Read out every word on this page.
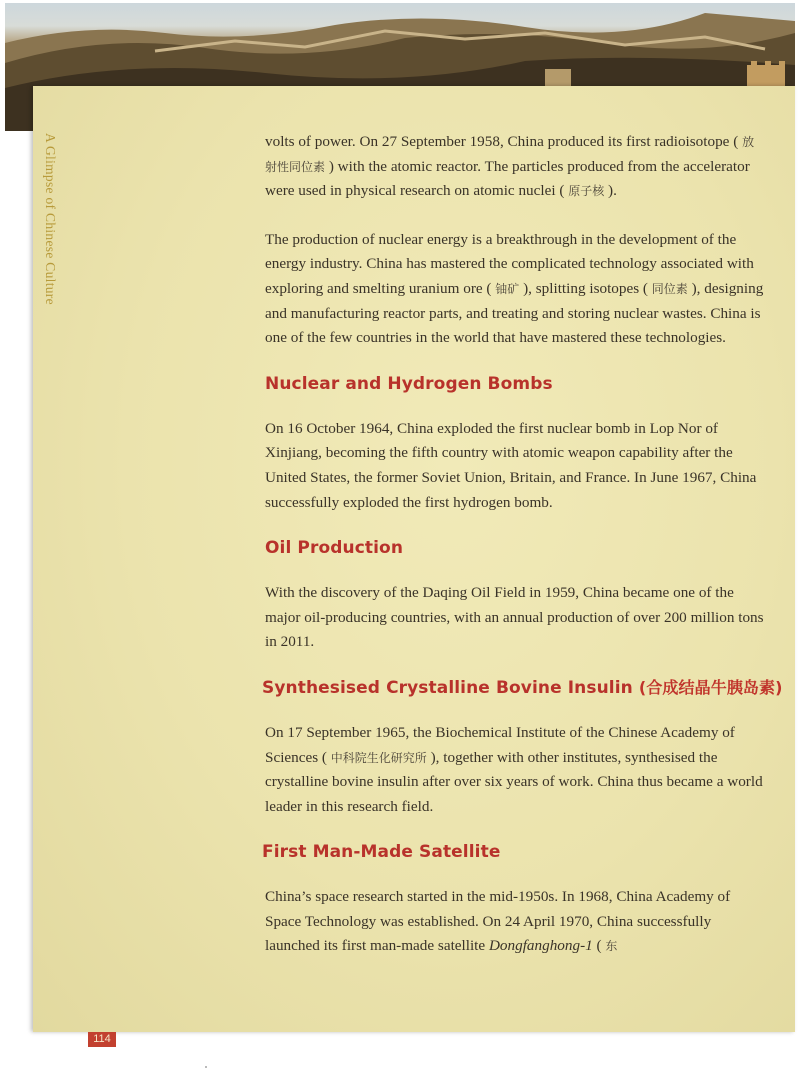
A Glimpse of Chinese Culture	volts of power. On 27 September 1958, China produced its first radioisotope ( 放射性同位素 ) with the atomic reactor. The particles produced from the accelerator were used in physical research on atomic nuclei ( 原子核 ).

The production of nuclear energy is a breakthrough in the development of the energy industry. China has mastered the complicated technology associated with exploring and smelting uranium ore ( 铀矿 ), splitting isotopes ( 同位素 ), designing and manufacturing reactor parts, and treating and storing nuclear wastes. China is one of the few countries in the world that have mastered these technologies.

Nuclear and Hydrogen Bombs

On 16 October 1964, China exploded the first nuclear bomb in Lop Nor of Xinjiang, becoming the fifth country with atomic weapon capability after the United States, the former Soviet Union, Britain, and France. In June 1967, China successfully exploded the first hydrogen bomb.

Oil Production

With the discovery of the Daqing Oil Field in 1959, China became one of the major oil-producing countries, with an annual production of over 200 million tons in 2011.

Synthesised Crystalline Bovine Insulin (合成结晶牛胰岛素)

On 17 September 1965, the Biochemical Institute of the Chinese Academy of Sciences ( 中科院生化研究所 ), together with other institutes, synthesised the crystalline bovine insulin after over six years of work. China thus became a world leader in this research field.

First Man-Made Satellite

China’s space research started in the mid-1950s. In 1968, China Academy of Space Technology was established. On 24 April 1970, China successfully launched its first man-made satellite Dongfanghong-1 ( 东

114
